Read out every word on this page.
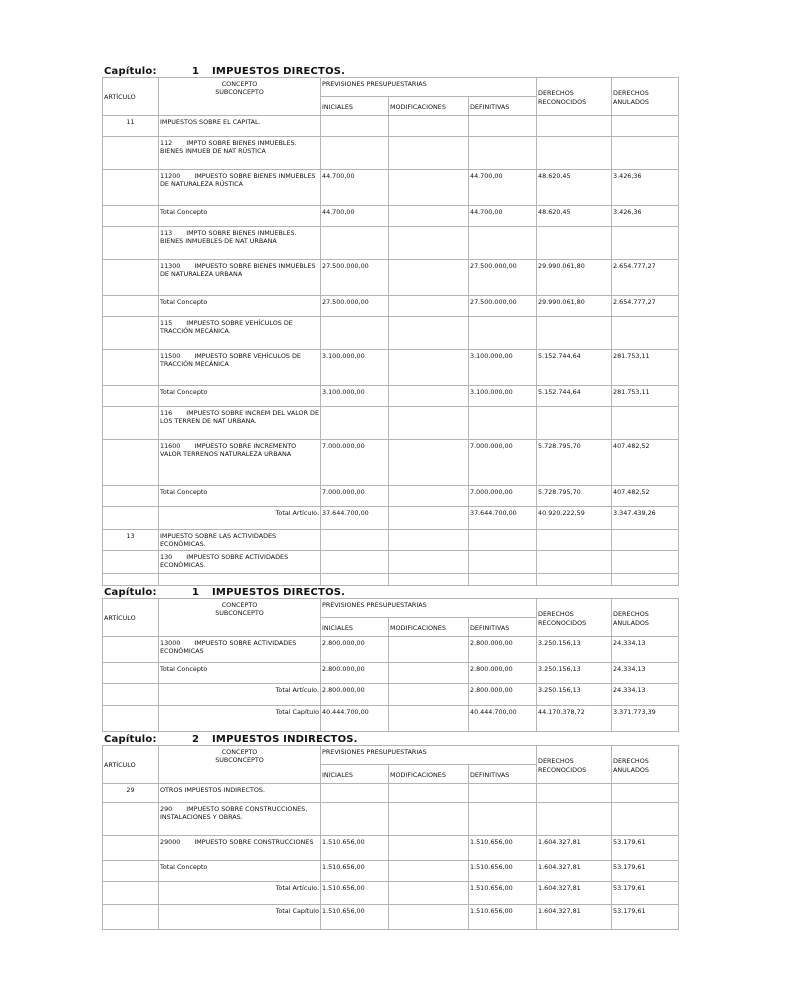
Capítulo:	1 IMPUESTOS DIRECTOS.
ARTÍCULO	
CONCEPTO
SUBCONCEPTO
	PREVISIONES PRESUPUESTARIAS	
DERECHOS
RECONOCIDOS

DERECHOS
ANULADOS

INICIALES	MODIFICACIONES	DEFINITIVAS
11	IMPUESTOS SOBRE EL CAPITAL.					
	112 IMPTO SOBRE BIENES INMUEBLES. BIENES INMUEB DE NAT RÚSTICA					
	11200 IMPUESTO SOBRE BIENES INMUEBLES DE NATURALEZA RÚSTICA	44.700,00		44.700,00	48.620,45	3.426,36
	Total Concepto	44.700,00		44.700,00	48.620,45	3.426,36
	113 IMPTO SOBRE BIENES INMUEBLES. BIENES INMUEBLES DE NAT URBANA					
	11300 IMPUESTO SOBRE BIENES INMUEBLES DE NATURALEZA URBANA	27.500.000,00		27.500.000,00	29.990.061,80	2.654.777,27
	Total Concepto	27.500.000,00		27.500.000,00	29.990.061,80	2.654.777,27
	115 IMPUESTO SOBRE VEHÍCULOS DE TRACCIÓN MECÁNICA.					
	11500 IMPUESTO SOBRE VEHÍCULOS DE TRACCIÓN MECÁNICA	3.100.000,00		3.100.000,00	5.152.744,64	281.753,11
	Total Concepto	3.100.000,00		3.100.000,00	5.152.744,64	281.753,11
	116 IMPUESTO SOBRE INCREM DEL VALOR DE LOS TERREN DE NAT URBANA.					
	11600 IMPUESTO SOBRE INCREMENTO VALOR TERRENOS NATURALEZA URBANA	7.000.000,00		7.000.000,00	5.728.795,70	407.482,52
	Total Concepto	7.000.000,00		7.000.000,00	5.728.795,70	407.482,52
	Total Artículo.	37.644.700,00		37.644.700,00	40.920.222,59	3.347.439,26
13	IMPUESTO SOBRE LAS ACTIVIDADES ECONÓMICAS.					
	130 IMPUESTO SOBRE ACTIVIDADES ECONÓMICAS.					

Capítulo:	1 IMPUESTOS DIRECTOS.
ARTÍCULO	
CONCEPTO
SUBCONCEPTO
	PREVISIONES PRESUPUESTARIAS	
DERECHOS
RECONOCIDOS

DERECHOS
ANULADOS

INICIALES	MODIFICACIONES	DEFINITIVAS
	13000 IMPUESTO SOBRE ACTIVIDADES ECONÓMICAS	2.800.000,00		2.800.000,00	3.250.156,13	24.334,13
	Total Concepto	2.800.000,00		2.800.000,00	3.250.156,13	24.334,13
	Total Artículo.	2.800.000,00		2.800.000,00	3.250.156,13	24.334,13
	Total Capítulo	40.444.700,00		40.444.700,00	44.170.378,72	3.371.773,39
Capítulo:	2 IMPUESTOS INDIRECTOS.
ARTÍCULO	
CONCEPTO
SUBCONCEPTO
	PREVISIONES PRESUPUESTARIAS	
DERECHOS
RECONOCIDOS

DERECHOS
ANULADOS

INICIALES	MODIFICACIONES	DEFINITIVAS
29	OTROS IMPUESTOS INDIRECTOS.					
	290 IMPUESTO SOBRE CONSTRUCCIONES, INSTALACIONES Y OBRAS.					
	29000 IMPUESTO SOBRE CONSTRUCCIONES	1.510.656,00		1.510.656,00	1.604.327,81	53.179,61
	Total Concepto	1.510.656,00		1.510.656,00	1.604.327,81	53.179,61
	Total Artículo.	1.510.656,00		1.510.656,00	1.604.327,81	53.179,61
	Total Capítulo	1.510.656,00		1.510.656,00	1.604.327,81	53.179,61
